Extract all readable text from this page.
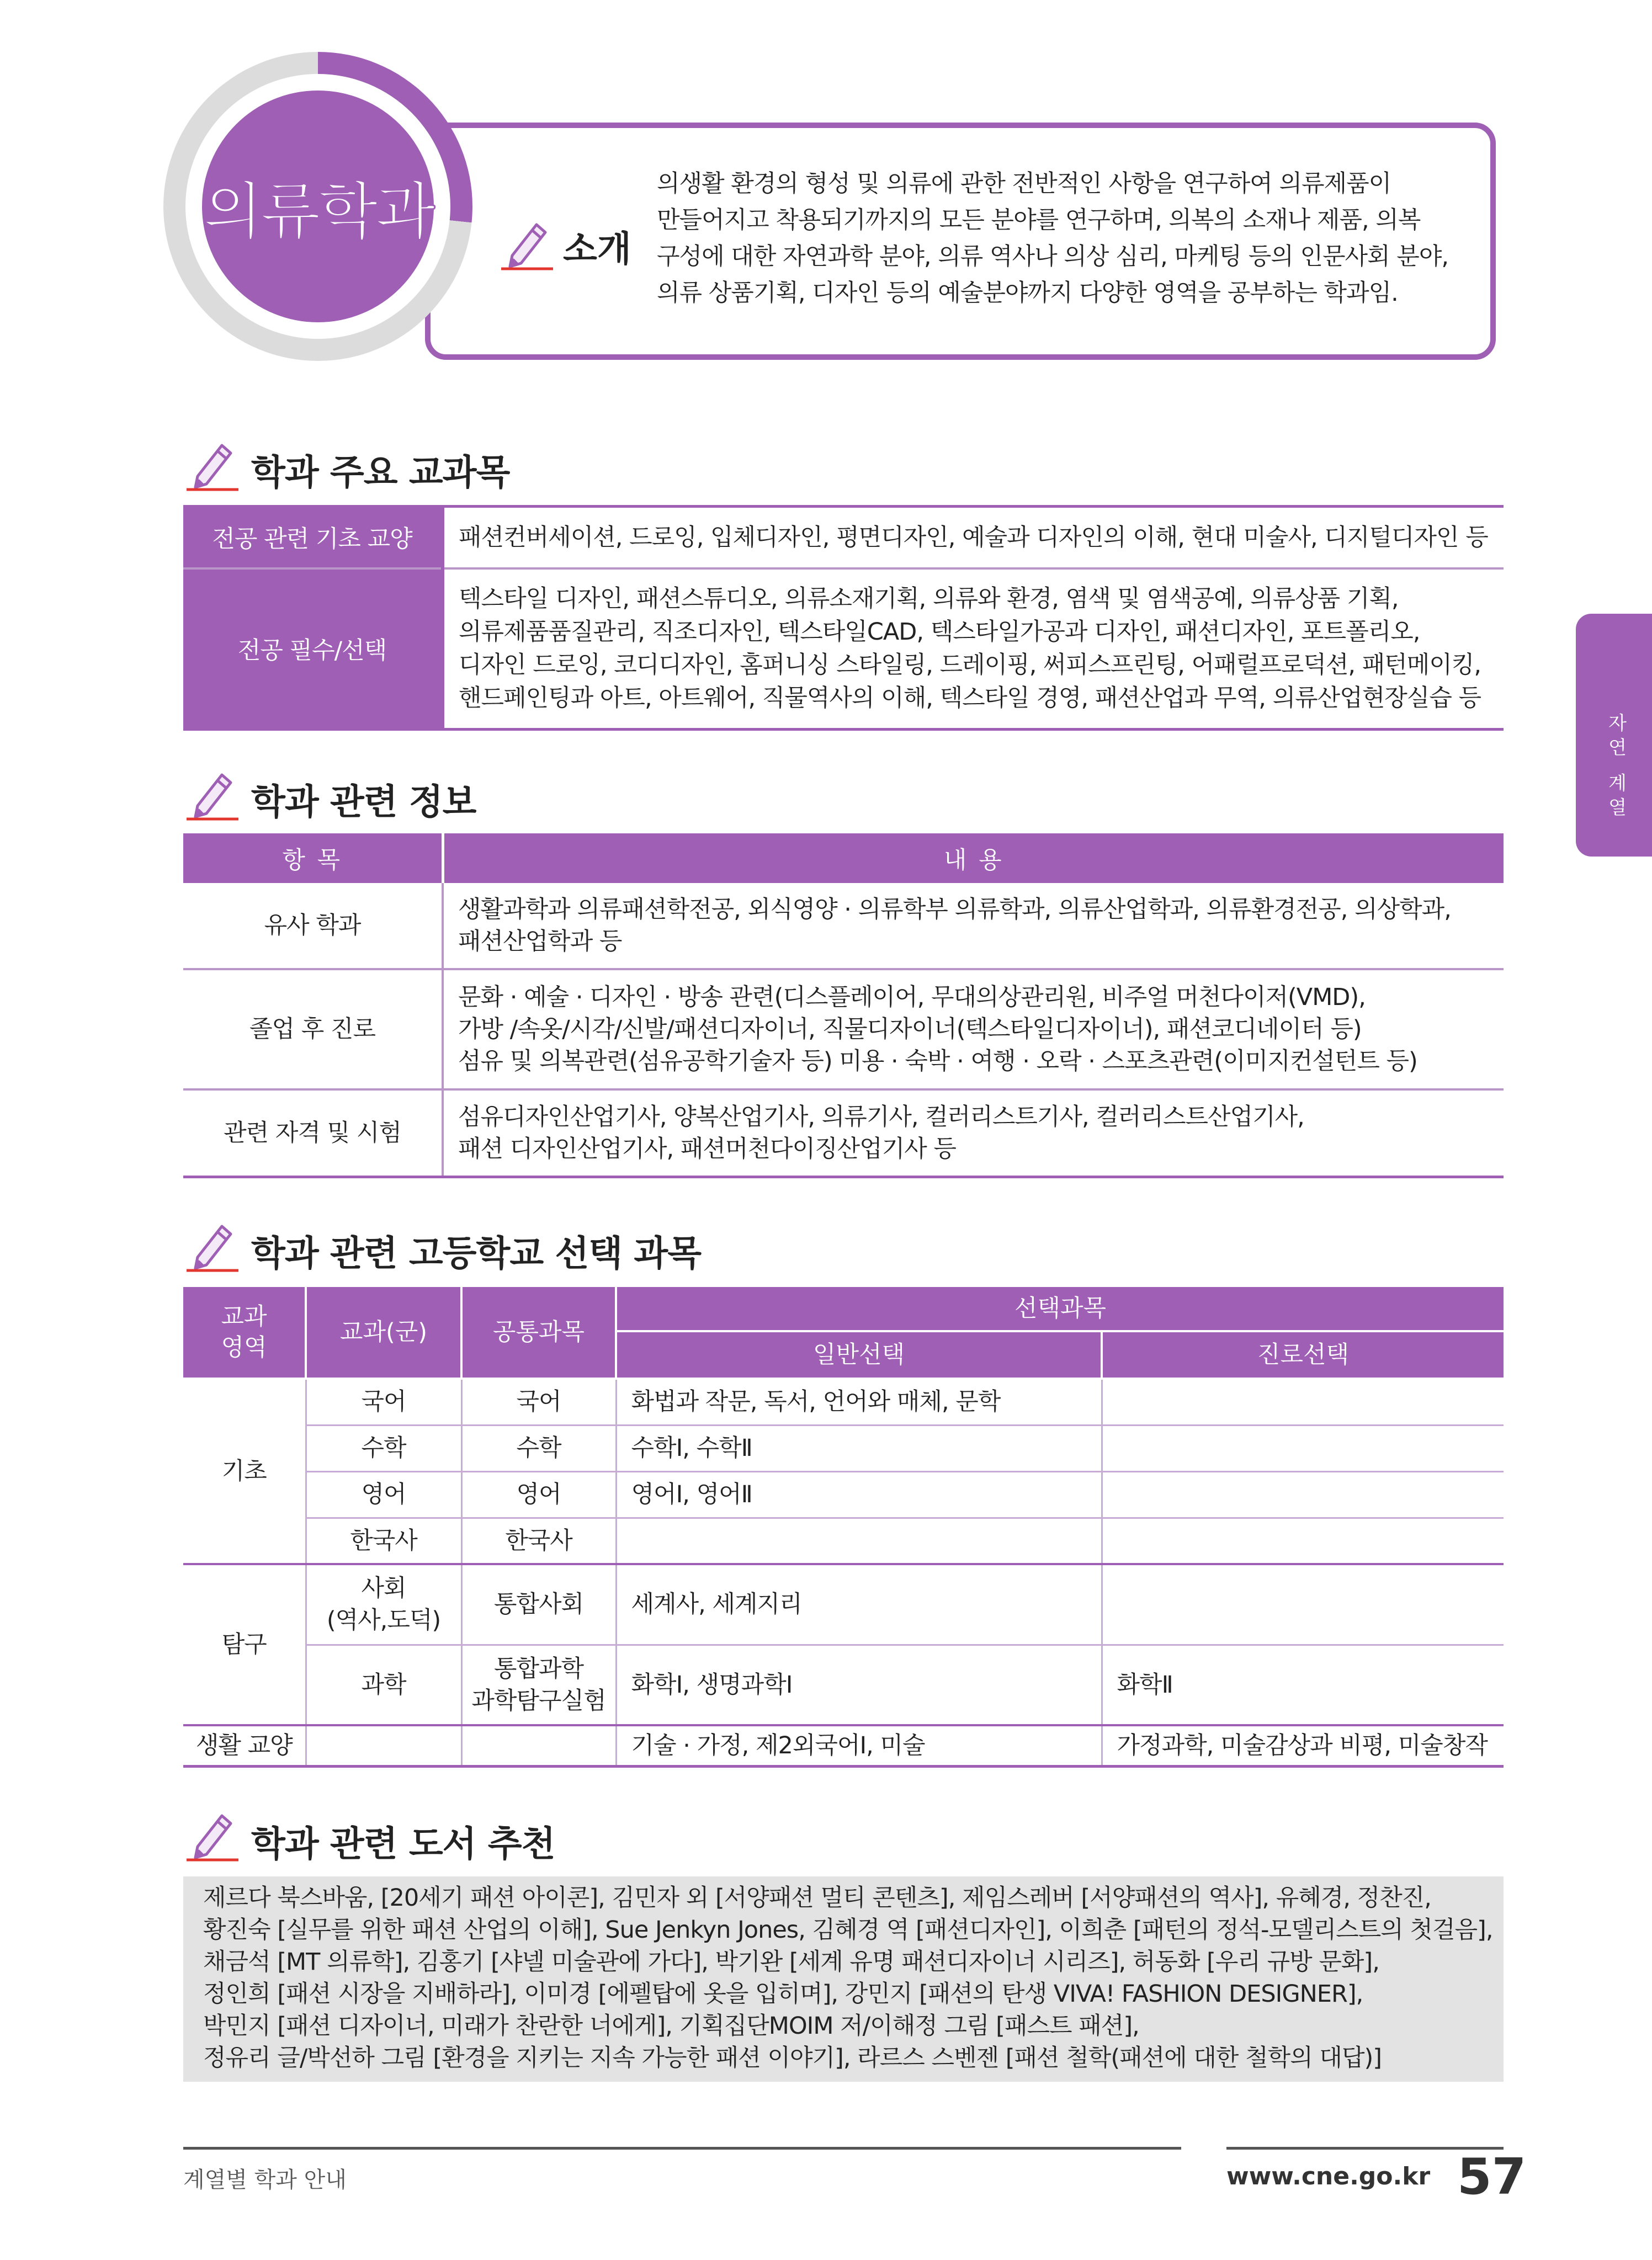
의류학과
소개
의생활 환경의 형성 및 의류에 관한 전반적인 사항을 연구하여 의류제품이
만들어지고 착용되기까지의 모든 분야를 연구하며, 의복의 소재나 제품, 의복
구성에 대한 자연과학 분야, 의류 역사나 의상 심리, 마케팅 등의 인문사회 분야,
의류 상품기획, 디자인 등의 예술분야까지 다양한 영역을 공부하는 학과임.
자연 계열
학과 주요 교과목
전공 관련 기초 교양	패션컨버세이션, 드로잉, 입체디자인, 평면디자인, 예술과 디자인의 이해, 현대 미술사, 디지털디자인 등

전공 필수/선택	텍스타일 디자인, 패션스튜디오, 의류소재기획, 의류와 환경, 염색 및 염색공예, 의류상품 기획,
의류제품품질관리, 직조디자인, 텍스타일CAD, 텍스타일가공과 디자인, 패션디자인, 포트폴리오,
디자인 드로잉, 코디디자인, 홈퍼니싱 스타일링, 드레이핑, 써피스프린팅, 어패럴프로덕션, 패턴메이킹,
핸드페인팅과 아트, 아트웨어, 직물역사의 이해, 텍스타일 경영, 패션산업과 무역, 의류산업현장실습 등
학과 관련 정보
항 목	내 용
유사 학과	생활과학과 의류패션학전공, 외식영양 · 의류학부 의류학과, 의류산업학과, 의류환경전공, 의상학과,
패션산업학과 등

졸업 후 진로	문화 · 예술 · 디자인 · 방송 관련(디스플레이어, 무대의상관리원, 비주얼 머천다이저(VMD),
가방 /속옷/시각/신발/패션디자이너, 직물디자이너(텍스타일디자이너), 패션코디네이터 등)
섬유 및 의복관련(섬유공학기술자 등) 미용 · 숙박 · 여행 · 오락 · 스포츠관련(이미지컨설턴트 등)

관련 자격 및 시험	섬유디자인산업기사, 양복산업기사, 의류기사, 컬러리스트기사, 컬러리스트산업기사,
패션 디자인산업기사, 패션머천다이징산업기사 등
학과 관련 고등학교 선택 과목
교과
영역	교과(군)	공통과목	선택과목	
			일반선택	진로선택
기초	국어	국어	화법과 작문, 독서, 언어와 매체, 문학	
	수학	수학	수학Ⅰ, 수학Ⅱ	
	영어	영어	영어Ⅰ, 영어Ⅱ	
	한국사	한국사		
탐구	사회
(역사,도덕)	통합사회	세계사, 세계지리	
	과학	통합과학
과학탐구실험	화학Ⅰ, 생명과학Ⅰ	화학Ⅱ
생활 교양			기술 · 가정, 제2외국어Ⅰ, 미술	가정과학, 미술감상과 비평, 미술창작
학과 관련 도서 추천
제르다 북스바움, [20세기 패션 아이콘], 김민자 외 [서양패션 멀티 콘텐츠], 제임스레버 [서양패션의 역사], 유혜경, 정찬진,
황진숙 [실무를 위한 패션 산업의 이해], Sue Jenkyn Jones, 김혜경 역 [패션디자인], 이희춘 [패턴의 정석-모델리스트의 첫걸음],
채금석 [MT 의류학], 김홍기 [샤넬 미술관에 가다], 박기완 [세계 유명 패션디자이너 시리즈], 허동화 [우리 규방 문화],
정인희 [패션 시장을 지배하라], 이미경 [에펠탑에 옷을 입히며], 강민지 [패션의 탄생 VIVA! FASHION DESIGNER],
박민지 [패션 디자이너, 미래가 찬란한 너에게], 기획집단MOIM 저/이해정 그림 [패스트 패션],
정유리 글/박선하 그림 [환경을 지키는 지속 가능한 패션 이야기], 라르스 스벤젠 [패션 철학(패션에 대한 철학의 대답)]
계열별 학과 안내	www.cne.go.kr 57
